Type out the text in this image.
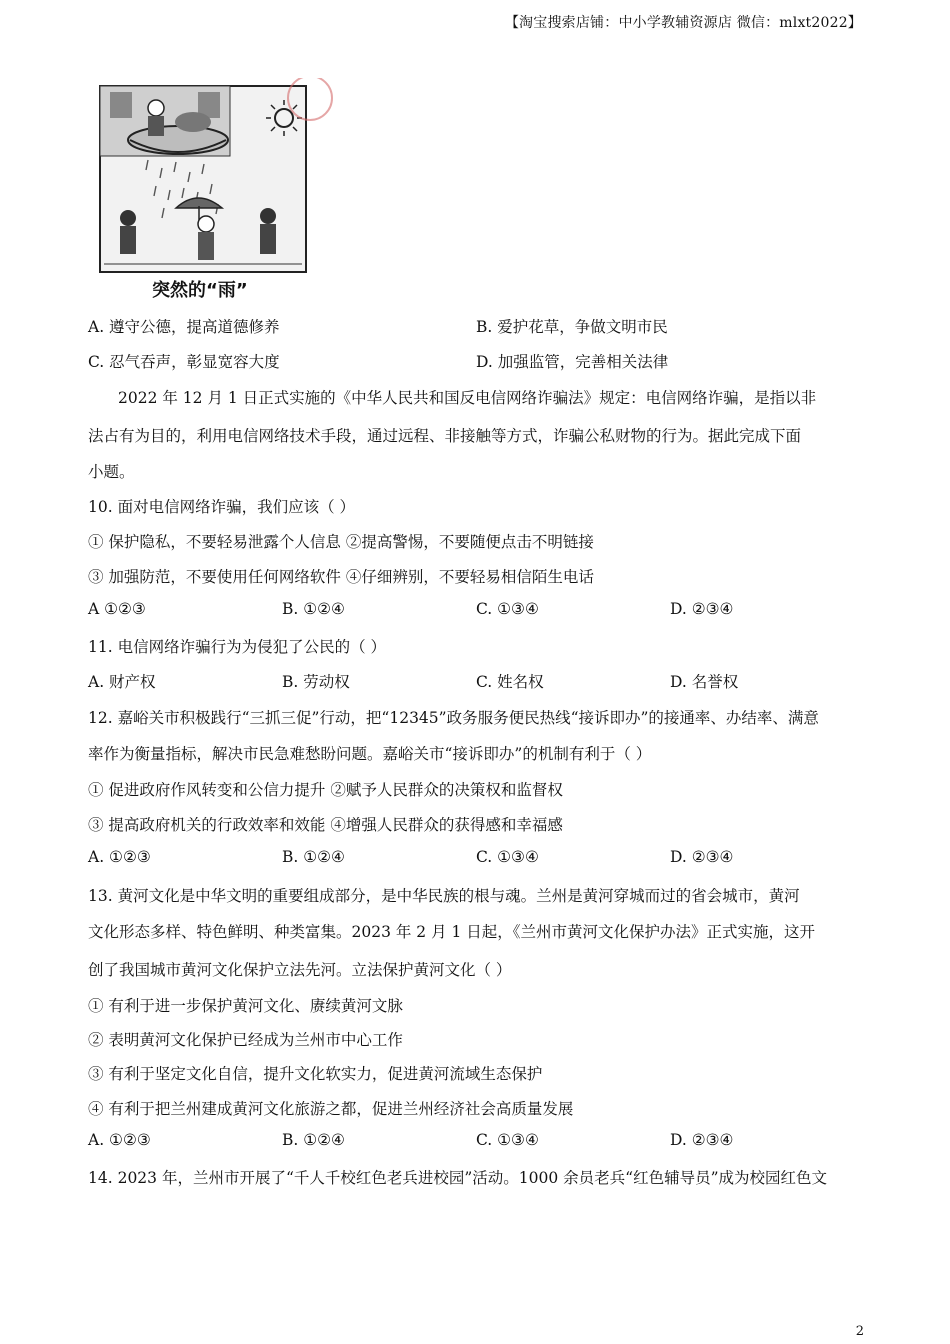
【淘宝搜索店铺：中小学教辅资源店 微信：mlxt2022】
突然的“雨”
A. 遵守公德，提高道德修养	B. 爱护花草，争做文明市民
C. 忍气吞声，彰显宽容大度	D. 加强监管，完善相关法律
2022 年 12 月 1 日正式实施的《中华人民共和国反电信网络诈骗法》规定：电信网络诈骗，是指以非
法占有为目的，利用电信网络技术手段，通过远程、非接触等方式，诈骗公私财物的行为。据此完成下面
小题。
10. 面对电信网络诈骗，我们应该（ ）
① 保护隐私，不要轻易泄露个人信息 ②提高警惕，不要随便点击不明链接
③ 加强防范，不要使用任何网络软件 ④仔细辨别，不要轻易相信陌生电话
A ①②③	B. ①②④	C. ①③④	D. ②③④
11. 电信网络诈骗行为为侵犯了公民的（ ）
A. 财产权	B. 劳动权	C. 姓名权	D. 名誉权
12. 嘉峪关市积极践行“三抓三促”行动，把“12345”政务服务便民热线“接诉即办”的接通率、办结率、满意
率作为衡量指标，解决市民急难愁盼问题。嘉峪关市“接诉即办”的机制有利于（ ）
① 促进政府作风转变和公信力提升 ②赋予人民群众的决策权和监督权
③ 提高政府机关的行政效率和效能 ④增强人民群众的获得感和幸福感
A. ①②③	B. ①②④	C. ①③④	D. ②③④
13. 黄河文化是中华文明的重要组成部分，是中华民族的根与魂。兰州是黄河穿城而过的省会城市，黄河
文化形态多样、特色鲜明、种类富集。2023 年 2 月 1 日起，《兰州市黄河文化保护办法》正式实施，这开
创了我国城市黄河文化保护立法先河。立法保护黄河文化（ ）
① 有利于进一步保护黄河文化、赓续黄河文脉
② 表明黄河文化保护已经成为兰州市中心工作
③ 有利于坚定文化自信，提升文化软实力，促进黄河流域生态保护
④ 有利于把兰州建成黄河文化旅游之都，促进兰州经济社会高质量发展
A. ①②③	B. ①②④	C. ①③④	D. ②③④
14. 2023 年，兰州市开展了“千人千校红色老兵进校园”活动。1000 余员老兵“红色辅导员”成为校园红色文
2
